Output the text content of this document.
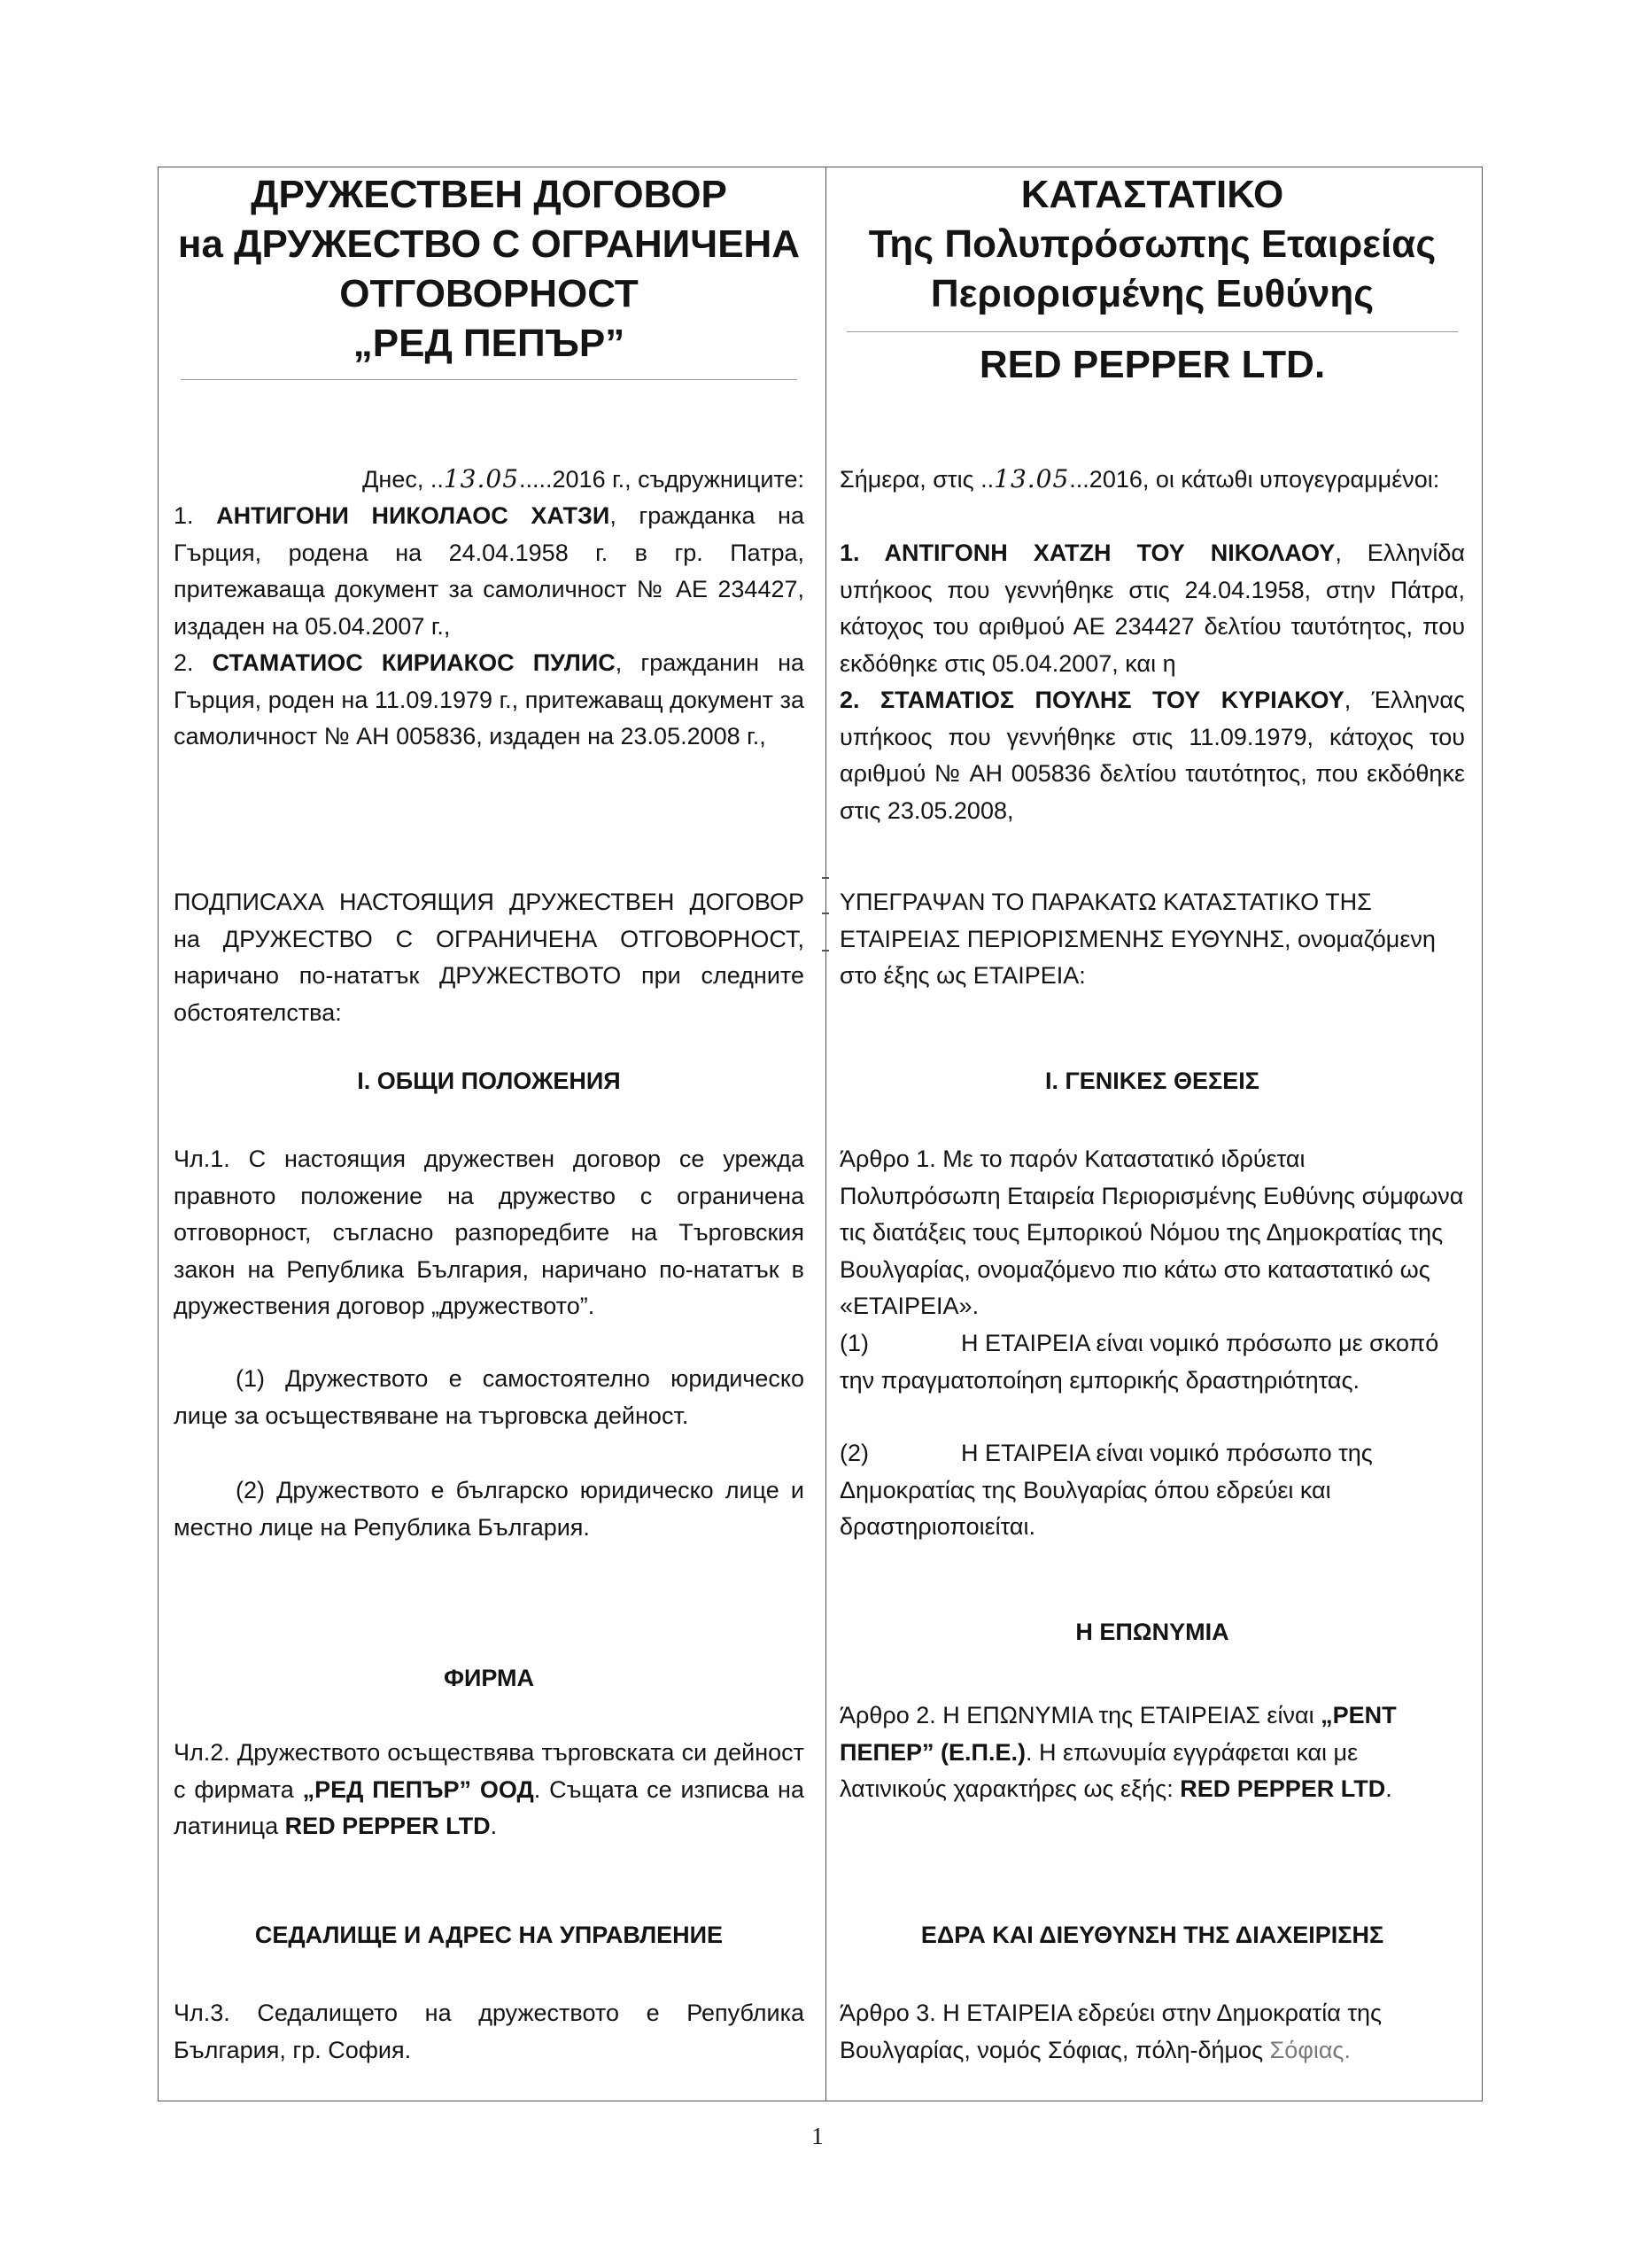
ДРУЖЕСТВЕН ДОГОВОР
на ДРУЖЕСТВО С ОГРАНИЧЕНА
ОТГОВОРНОСТ
„РЕД ПЕПЪР”
Днес, ..13.05.....2016 г., съдружниците:

1. АНТИГОНИ НИКОЛАОС ХАТЗИ, гражданка на Гърция, родена на 24.04.1958 г. в гр. Патра, притежаваща документ за самоличност № АЕ 234427, издаден на 05.04.2007 г.,

2. СТАМАТИОС КИРИАКОС ПУЛИС, гражданин на Гърция, роден на 11.09.1979 г., притежаващ документ за самоличност № АН 005836, издаден на 23.05.2008 г.,

ПОДПИСАХА НАСТОЯЩИЯ ДРУЖЕСТВЕН ДОГОВОР на ДРУЖЕСТВО С ОГРАНИЧЕНА ОТГОВОРНОСТ, наричано по-нататък ДРУЖЕСТВОТО при следните обстоятелства:

I. ОБЩИ ПОЛОЖЕНИЯ

Чл.1. С настоящия дружествен договор се урежда правното положение на дружество с ограничена отговорност, съгласно разпоредбите на Търговския закон на Република България, наричано по-нататък в дружествения договор „дружеството”.

(1) Дружеството е самостоятелно юридическо лице за осъществяване на търговска дейност.

(2) Дружеството е българско юридическо лице и местно лице на Република България.

ФИРМА

Чл.2. Дружеството осъществява търговската си дейност с фирмата „РЕД ПЕПЪР” ООД. Същата се изписва на латиница RED PEPPER LTD.

СЕДАЛИЩЕ И АДРЕС НА УПРАВЛЕНИЕ

Чл.3. Седалището на дружеството е Република България, гр. София.

ΚΑΤΑΣΤΑΤΙΚΟ
Της Πολυπρόσωπης Εταιρείας
Περιορισμένης Ευθύνης
RED PEPPER LTD.

Σήμερα, στις ..13.05...2016, οι κάτωθι υπογεγραμμένοι:

1. ΑΝΤΙΓΟΝΗ ΧΑΤΖΗ ΤΟΥ ΝΙΚΟΛΑΟΥ, Ελληνίδα υπήκοος που γεννήθηκε στις 24.04.1958, στην Πάτρα, κάτοχος του αριθμού ΑΕ 234427 δελτίου ταυτότητος, που εκδόθηκε στις 05.04.2007, και η

2. ΣΤΑΜΑΤΙΟΣ ΠΟΥΛΗΣ ΤΟΥ ΚΥΡΙΑΚΟΥ, Έλληνας υπήκοος που γεννήθηκε στις 11.09.1979, κάτοχος του αριθμού № ΑΗ 005836 δελτίου ταυτότητος, που εκδόθηκε στις 23.05.2008,

ΥΠΕΓΡΑΨΑΝ ΤΟ ΠΑΡΑΚΑΤΩ ΚΑΤΑΣΤΑΤΙΚΟ ΤΗΣ ΕΤΑΙΡΕΙΑΣ ΠΕΡΙΟΡΙΣΜΕΝΗΣ ΕΥΘΥΝΗΣ, ονομαζόμενη στο έξης ως ΕΤΑΙΡΕΙΑ:

I. ΓΕΝΙΚΕΣ ΘΕΣΕΙΣ

Άρθρο 1. Με το παρόν Καταστατικό ιδρύεται Πολυπρόσωπη Εταιρεία Περιορισμένης Ευθύνης σύμφωνα τις διατάξεις τους Εμπορικού Νόμου της Δημοκρατίας της Βουλγαρίας, ονομαζόμενο πιο κάτω στο καταστατικό ως «ΕΤΑΙΡΕΙΑ».

(1)	Η ΕΤΑΙΡΕΙΑ είναι νομικό πρόσωπο με σκοπό την πραγματοποίηση εμπορικής δραστηριότητας.

(2)	Η ΕΤΑΙΡΕΙΑ είναι νομικό πρόσωπο της Δημοκρατίας της Βουλγαρίας όπου εδρεύει και δραστηριοποιείται.

Η ΕΠΩΝΥΜΙΑ

Άρθρο 2. Η ΕΠΩΝΥΜΙΑ της ΕΤΑΙΡΕΙΑΣ είναι „ΡΕΝΤ ΠΕΠΕΡ” (Ε.Π.Ε.). Η επωνυμία εγγράφεται και με λατινικούς χαρακτήρες ως εξής: RED PEPPER LTD.

ΕΔΡΑ ΚΑΙ ΔΙΕΥΘΥΝΣΗ ΤΗΣ ΔΙΑΧΕΙΡΙΣΗΣ

Άρθρο 3. Η ΕΤΑΙΡΕΙΑ εδρεύει στην Δημοκρατία της Βουλγαρίας, νομός Σόφιας, πόλη-δήμος Σόφιας.

1
